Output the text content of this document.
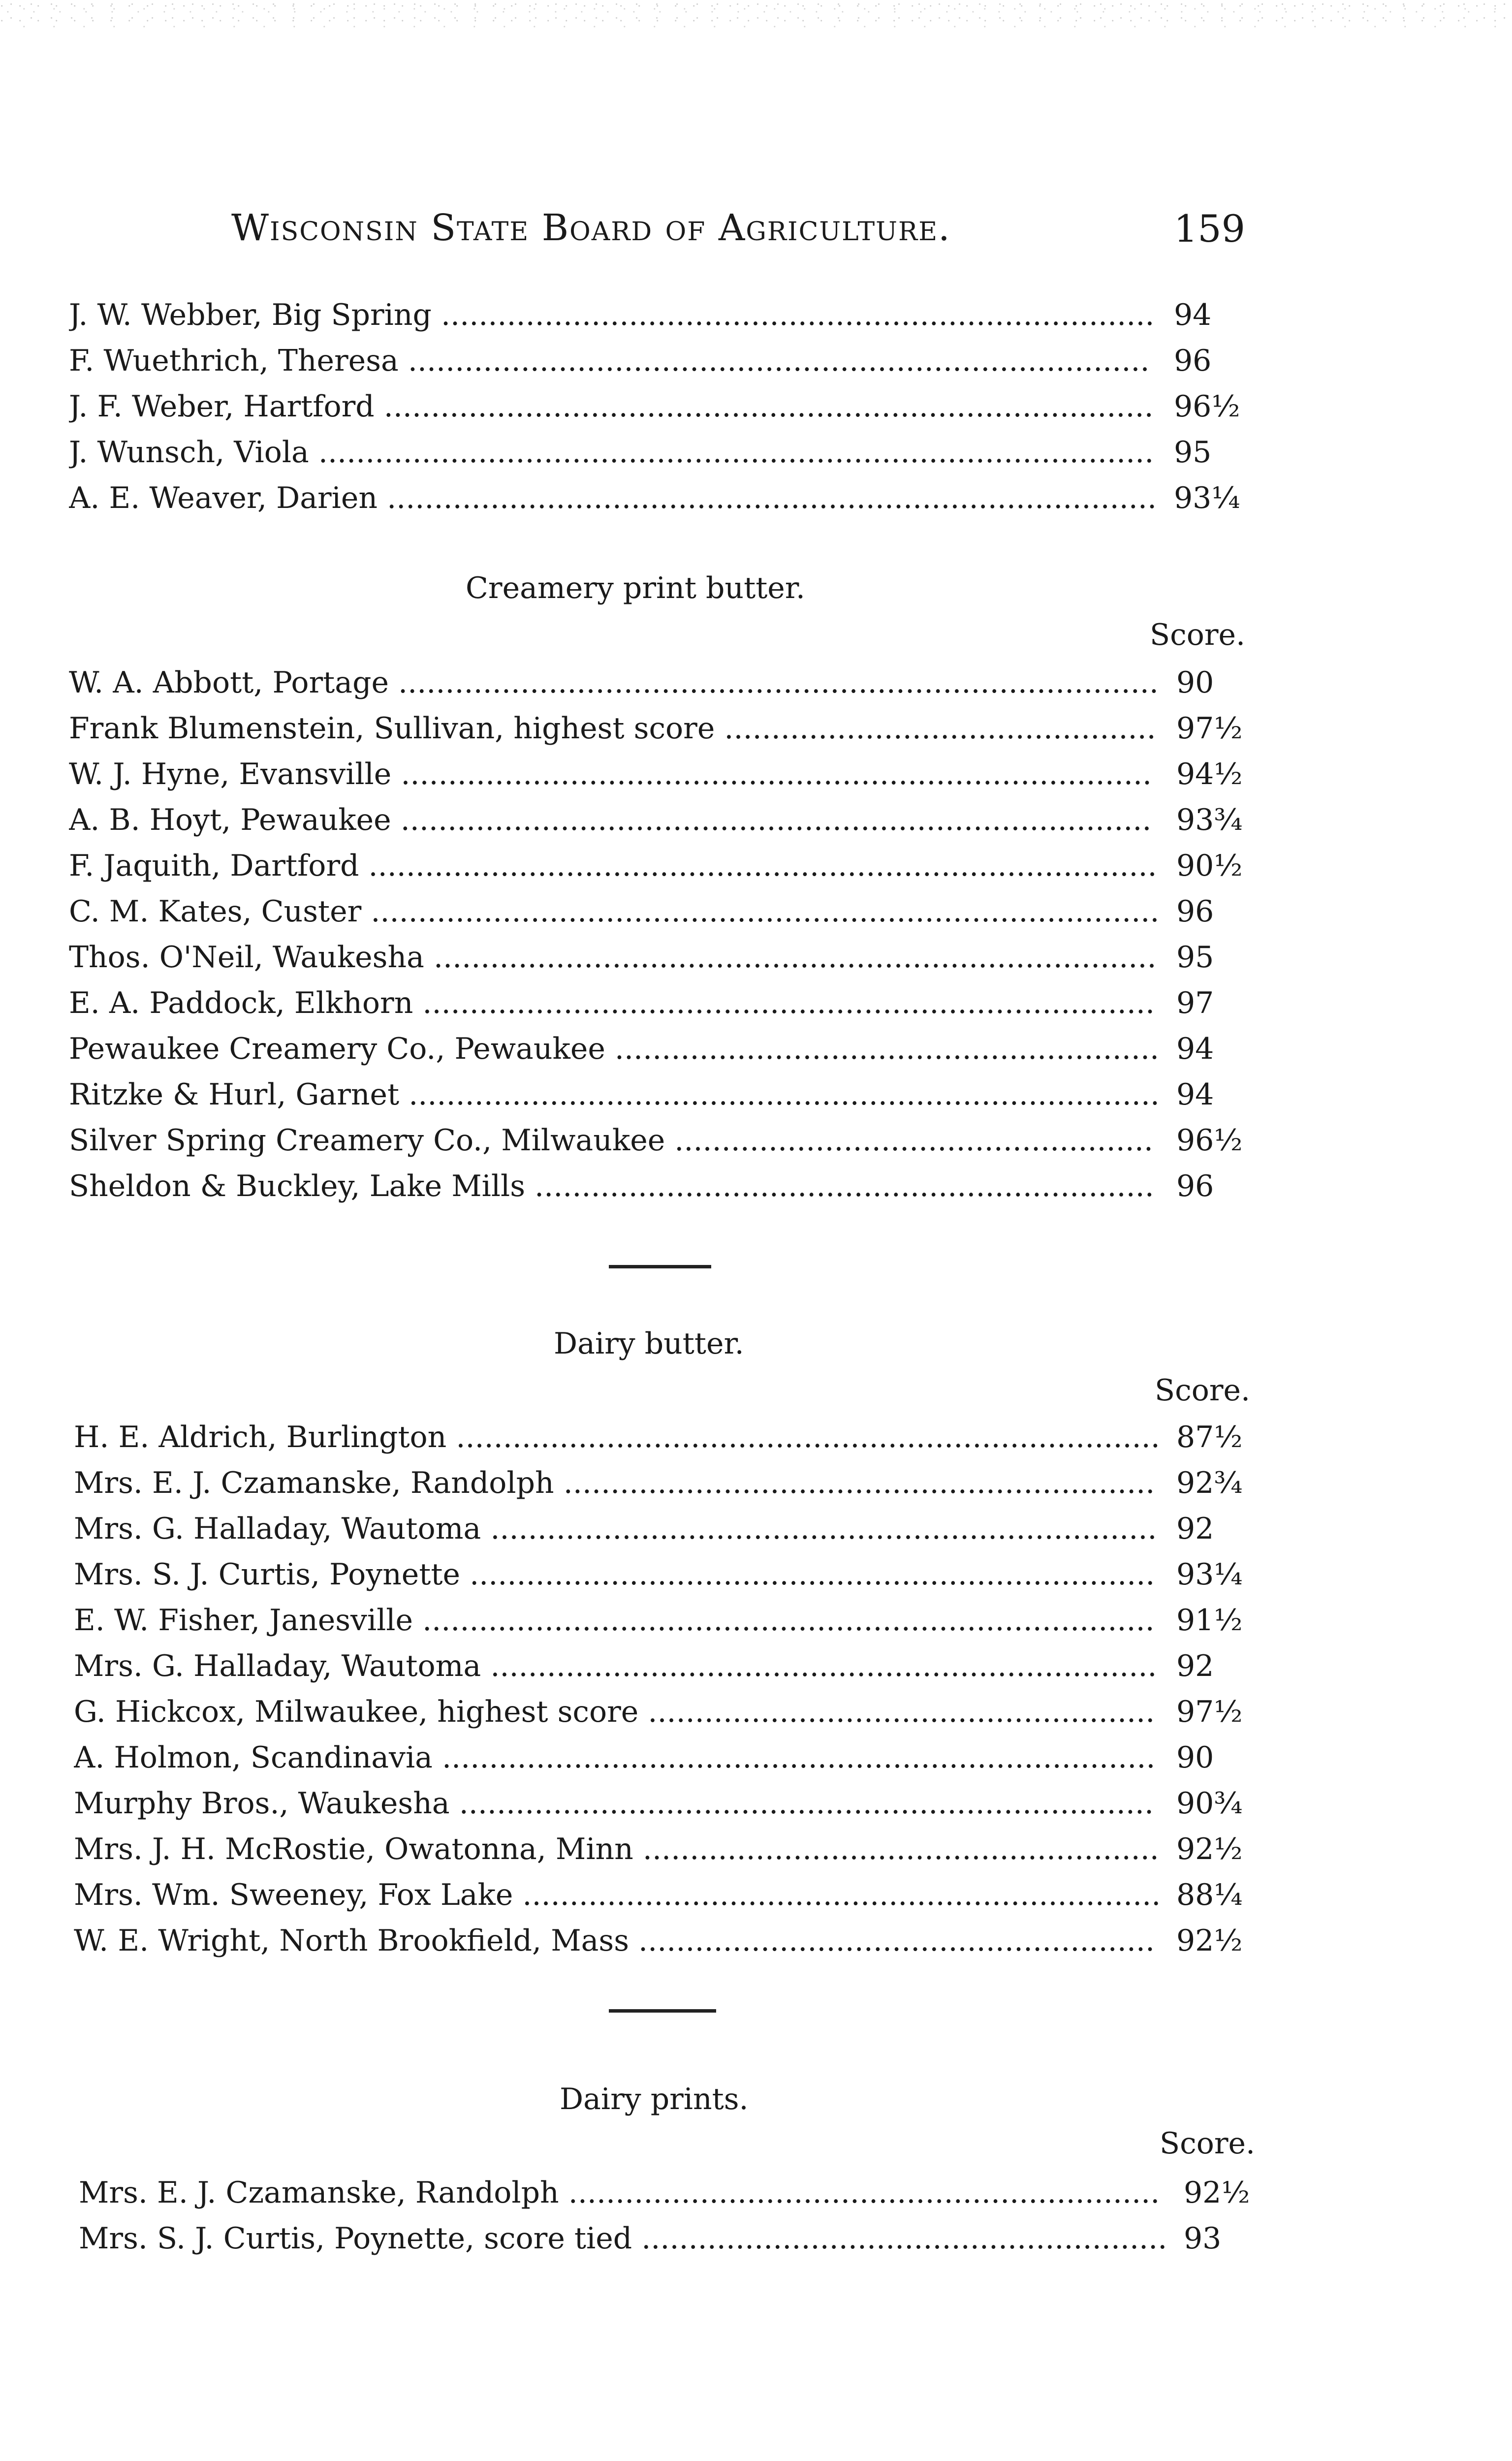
Wisconsin State Board of Agriculture.	159
J. W. Webber, Big Spring ............................................................................ 94
F. Wuethrich, Theresa ............................................................................... 96
J. F. Weber, Hartford .................................................................................. 96½
J. Wunsch, Viola ......................................................................................... 95
A. E. Weaver, Darien .................................................................................. 93¼
Creamery print butter.
Score.
W. A. Abbott, Portage ................................................................................. 90
Frank Blumenstein, Sullivan, highest score .............................................. 97½
W. J. Hyne, Evansville ................................................................................ 94½
A. B. Hoyt, Pewaukee ................................................................................ 93¾
F. Jaquith, Dartford .................................................................................... 90½
C. M. Kates, Custer .................................................................................... 96
Thos. O'Neil, Waukesha ............................................................................. 95
E. A. Paddock, Elkhorn .............................................................................. 97
Pewaukee Creamery Co., Pewaukee .......................................................... 94
Ritzke & Hurl, Garnet ................................................................................ 94
Silver Spring Creamery Co., Milwaukee ................................................... 96½
Sheldon & Buckley, Lake Mills .................................................................. 96
Dairy butter.
Score.
H. E. Aldrich, Burlington ........................................................................... 87½
Mrs. E. J. Czamanske, Randolph ............................................................... 92¾
Mrs. G. Halladay, Wautoma ....................................................................... 92
Mrs. S. J. Curtis, Poynette ......................................................................... 93¼
E. W. Fisher, Janesville .............................................................................. 91½
Mrs. G. Halladay, Wautoma ....................................................................... 92
G. Hickcox, Milwaukee, highest score ...................................................... 97½
A. Holmon, Scandinavia ............................................................................ 90
Murphy Bros., Waukesha .......................................................................... 90¾
Mrs. J. H. McRostie, Owatonna, Minn ....................................................... 92½
Mrs. Wm. Sweeney, Fox Lake .................................................................... 88¼
W. E. Wright, North Brookfield, Mass ....................................................... 92½
Dairy prints.
Score.
Mrs. E. J. Czamanske, Randolph ............................................................... 92½
Mrs. S. J. Curtis, Poynette, score tied ........................................................ 93
